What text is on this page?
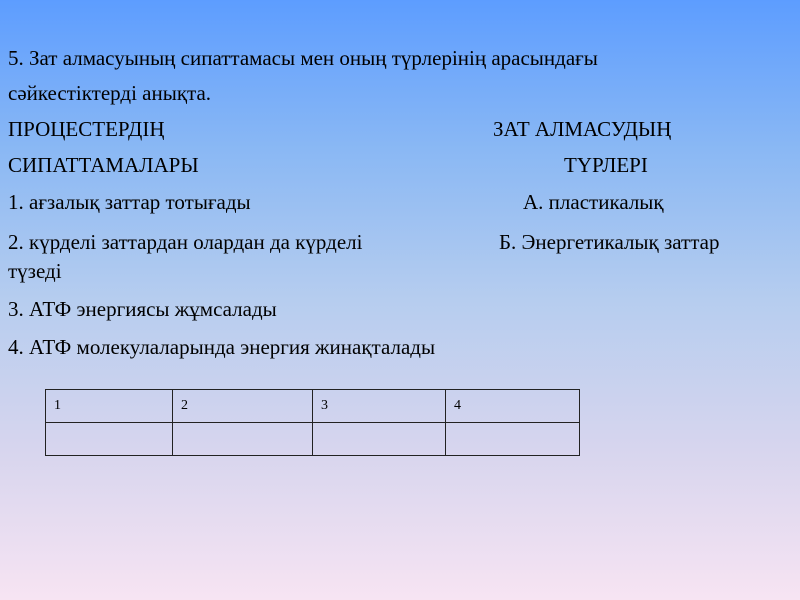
5. Зат алмасуының сипаттамасы мен оның түрлерінің арасындағы
сәйкестіктерді анықта.
ПРОЦЕСТЕРДІҢ	ЗАТ АЛМАСУДЫҢ
СИПАТТАМАЛАРЫ	ТҮРЛЕРІ
1. ағзалық заттар тотығады	А. пластикалық
2. күрделі заттардан олардан да күрделі	Б. Энергетикалық заттар
түзеді
3. АТФ энергиясы жұмсалады
4. АТФ молекулаларында энергия жинақталады
1	2	3	4
